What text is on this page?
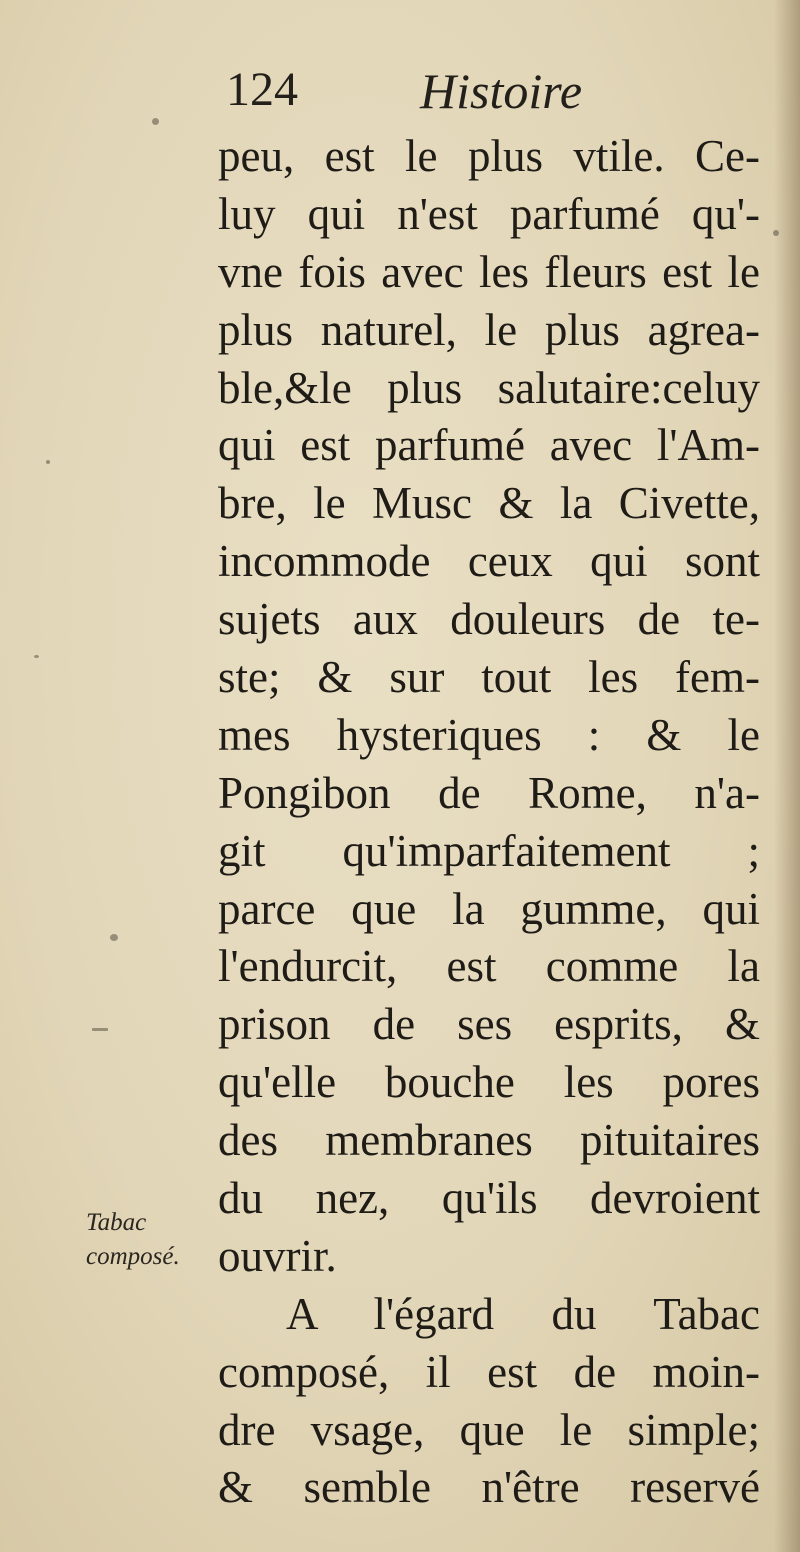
124 Histoire
peu, est le plus vtile. Ce-
luy qui n'est parfumé qu'-
vne fois avec les fleurs est le
plus naturel, le plus agrea-
ble,&le plus salutaire:celuy
qui est parfumé avec l'Am-
bre, le Musc & la Civette,
incommode ceux qui sont
sujets aux douleurs de te-
ste; & sur tout les fem-
mes hysteriques : & le
Pongibon de Rome, n'a-
git qu'imparfaitement ;
parce que la gumme, qui
l'endurcit, est comme la
prison de ses esprits, &
qu'elle bouche les pores
des membranes pituitaires
du nez, qu'ils devroient
ouvrir.
A l'égard du Tabac
composé, il est de moin-
dre vsage, que le simple;
& semble n'être reservé
Tabac
composé.
